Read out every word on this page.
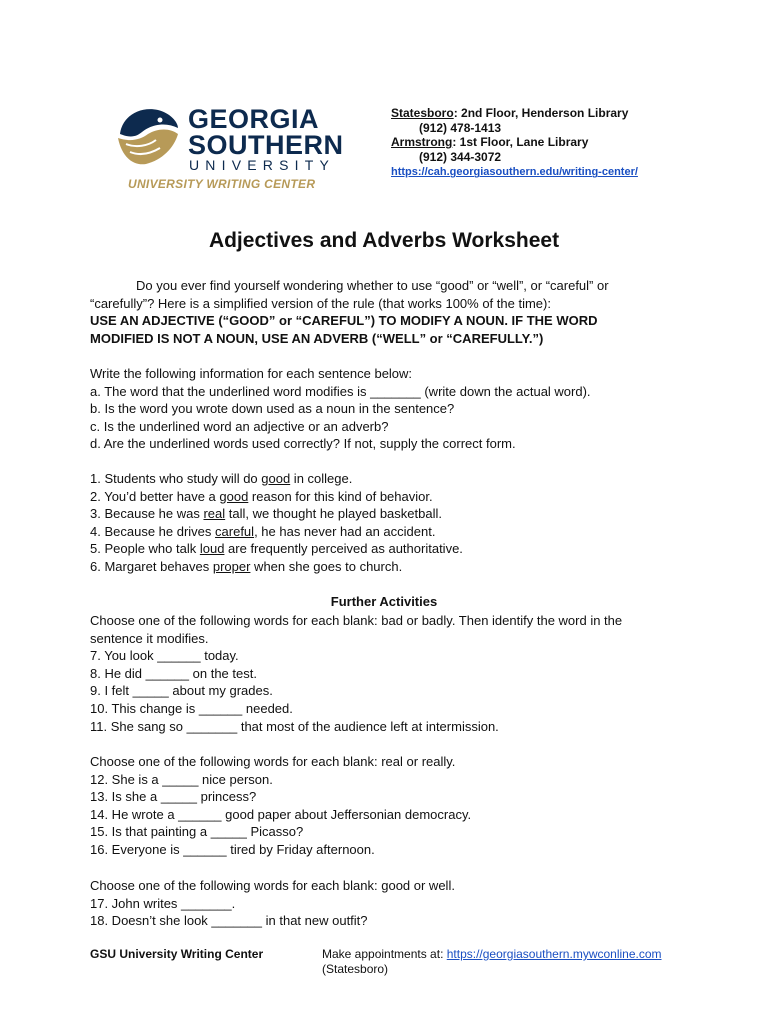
GEORGIA
SOUTHERN
UNIVERSITY
UNIVERSITY WRITING CENTER
Statesboro: 2nd Floor, Henderson Library

(912) 478-1413
Armstrong: 1st Floor, Lane Library

(912) 344-3072
https://cah.georgiasouthern.edu/writing-center/
Adjectives and Adverbs Worksheet
Do you ever find yourself wondering whether to use “good” or “well”, or “careful” or
“carefully”? Here is a simplified version of the rule (that works 100% of the time):
USE AN ADJECTIVE (“GOOD” or “CAREFUL”) TO MODIFY A NOUN. IF THE WORD
MODIFIED IS NOT A NOUN, USE AN ADVERB (“WELL” or “CAREFULLY.”)
Write the following information for each sentence below:
a. The word that the underlined word modifies is _______ (write down the actual word).
b. Is the word you wrote down used as a noun in the sentence?
c. Is the underlined word an adjective or an adverb?
d. Are the underlined words used correctly? If not, supply the correct form.
1. Students who study will do good in college.
2. You’d better have a good reason for this kind of behavior.
3. Because he was real tall, we thought he played basketball.
4. Because he drives careful, he has never had an accident.
5. People who talk loud are frequently perceived as authoritative.
6. Margaret behaves proper when she goes to church.
Further Activities
Choose one of the following words for each blank: bad or badly. Then identify the word in the
sentence it modifies.
7. You look ______ today.
8. He did ______ on the test.
9. I felt _____ about my grades.
10. This change is ______ needed.
11. She sang so _______ that most of the audience left at intermission.
Choose one of the following words for each blank: real or really.
12. She is a _____ nice person.
13. Is she a _____ princess?
14. He wrote a ______ good paper about Jeffersonian democracy.
15. Is that painting a _____ Picasso?
16. Everyone is ______ tired by Friday afternoon.
Choose one of the following words for each blank: good or well.
17. John writes _______.
18. Doesn’t she look _______ in that new outfit?
GSU University Writing Center	Make appointments at: https://georgiasouthern.mywconline.com
(Statesboro)
